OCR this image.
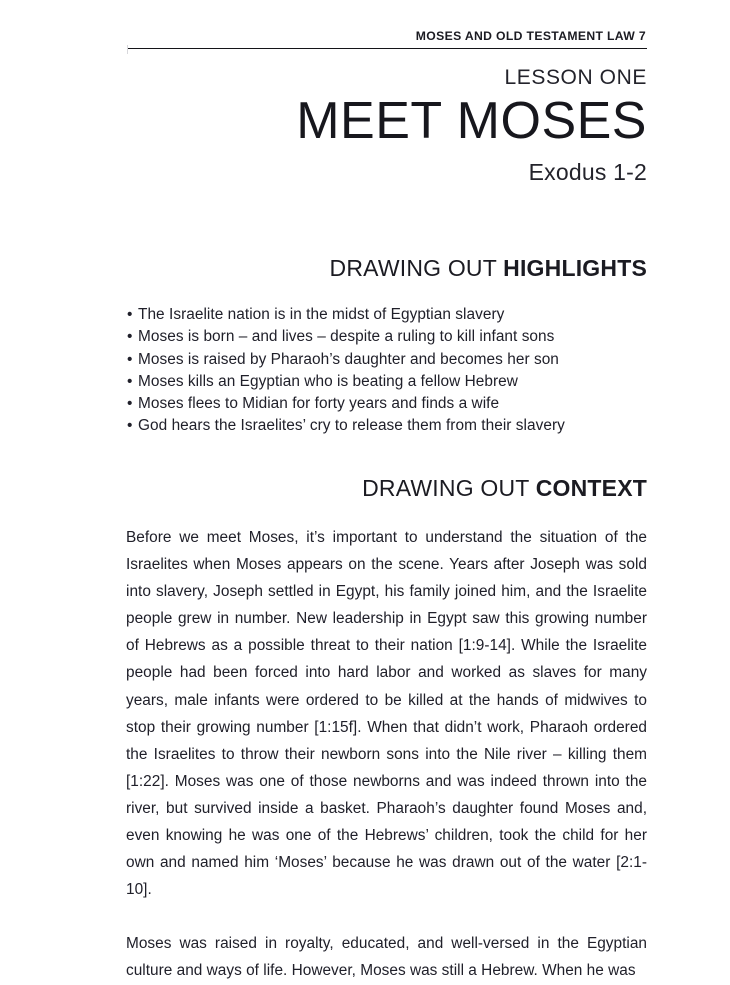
MOSES AND OLD TESTAMENT LAW 7
LESSON ONE
MEET MOSES
Exodus 1-2
DRAWING OUT HIGHLIGHTS
• The Israelite nation is in the midst of Egyptian slavery
• Moses is born – and lives – despite a ruling to kill infant sons
• Moses is raised by Pharaoh’s daughter and becomes her son
• Moses kills an Egyptian who is beating a fellow Hebrew
• Moses flees to Midian for forty years and finds a wife
• God hears the Israelites’ cry to release them from their slavery
DRAWING OUT CONTEXT

Before we meet Moses, it’s important to understand the situation of the Israelites when Moses appears on the scene. Years after Joseph was sold into slavery, Joseph settled in Egypt, his family joined him, and the Israelite people grew in number. New leadership in Egypt saw this growing number of Hebrews as a possible threat to their nation [1:9-14]. While the Israelite people had been forced into hard labor and worked as slaves for many years, male infants were ordered to be killed at the hands of midwives to stop their growing number [1:15f]. When that didn’t work, Pharaoh ordered the Israelites to throw their newborn sons into the Nile river – killing them [1:22]. Moses was one of those newborns and was indeed thrown into the river, but survived inside a basket. Pharaoh’s daughter found Moses and, even knowing he was one of the Hebrews’ children, took the child for her own and named him ‘Moses’ because he was drawn out of the water [2:1-10].

Moses was raised in royalty, educated, and well-versed in the Egyptian culture and ways of life. However, Moses was still a Hebrew. When he was
